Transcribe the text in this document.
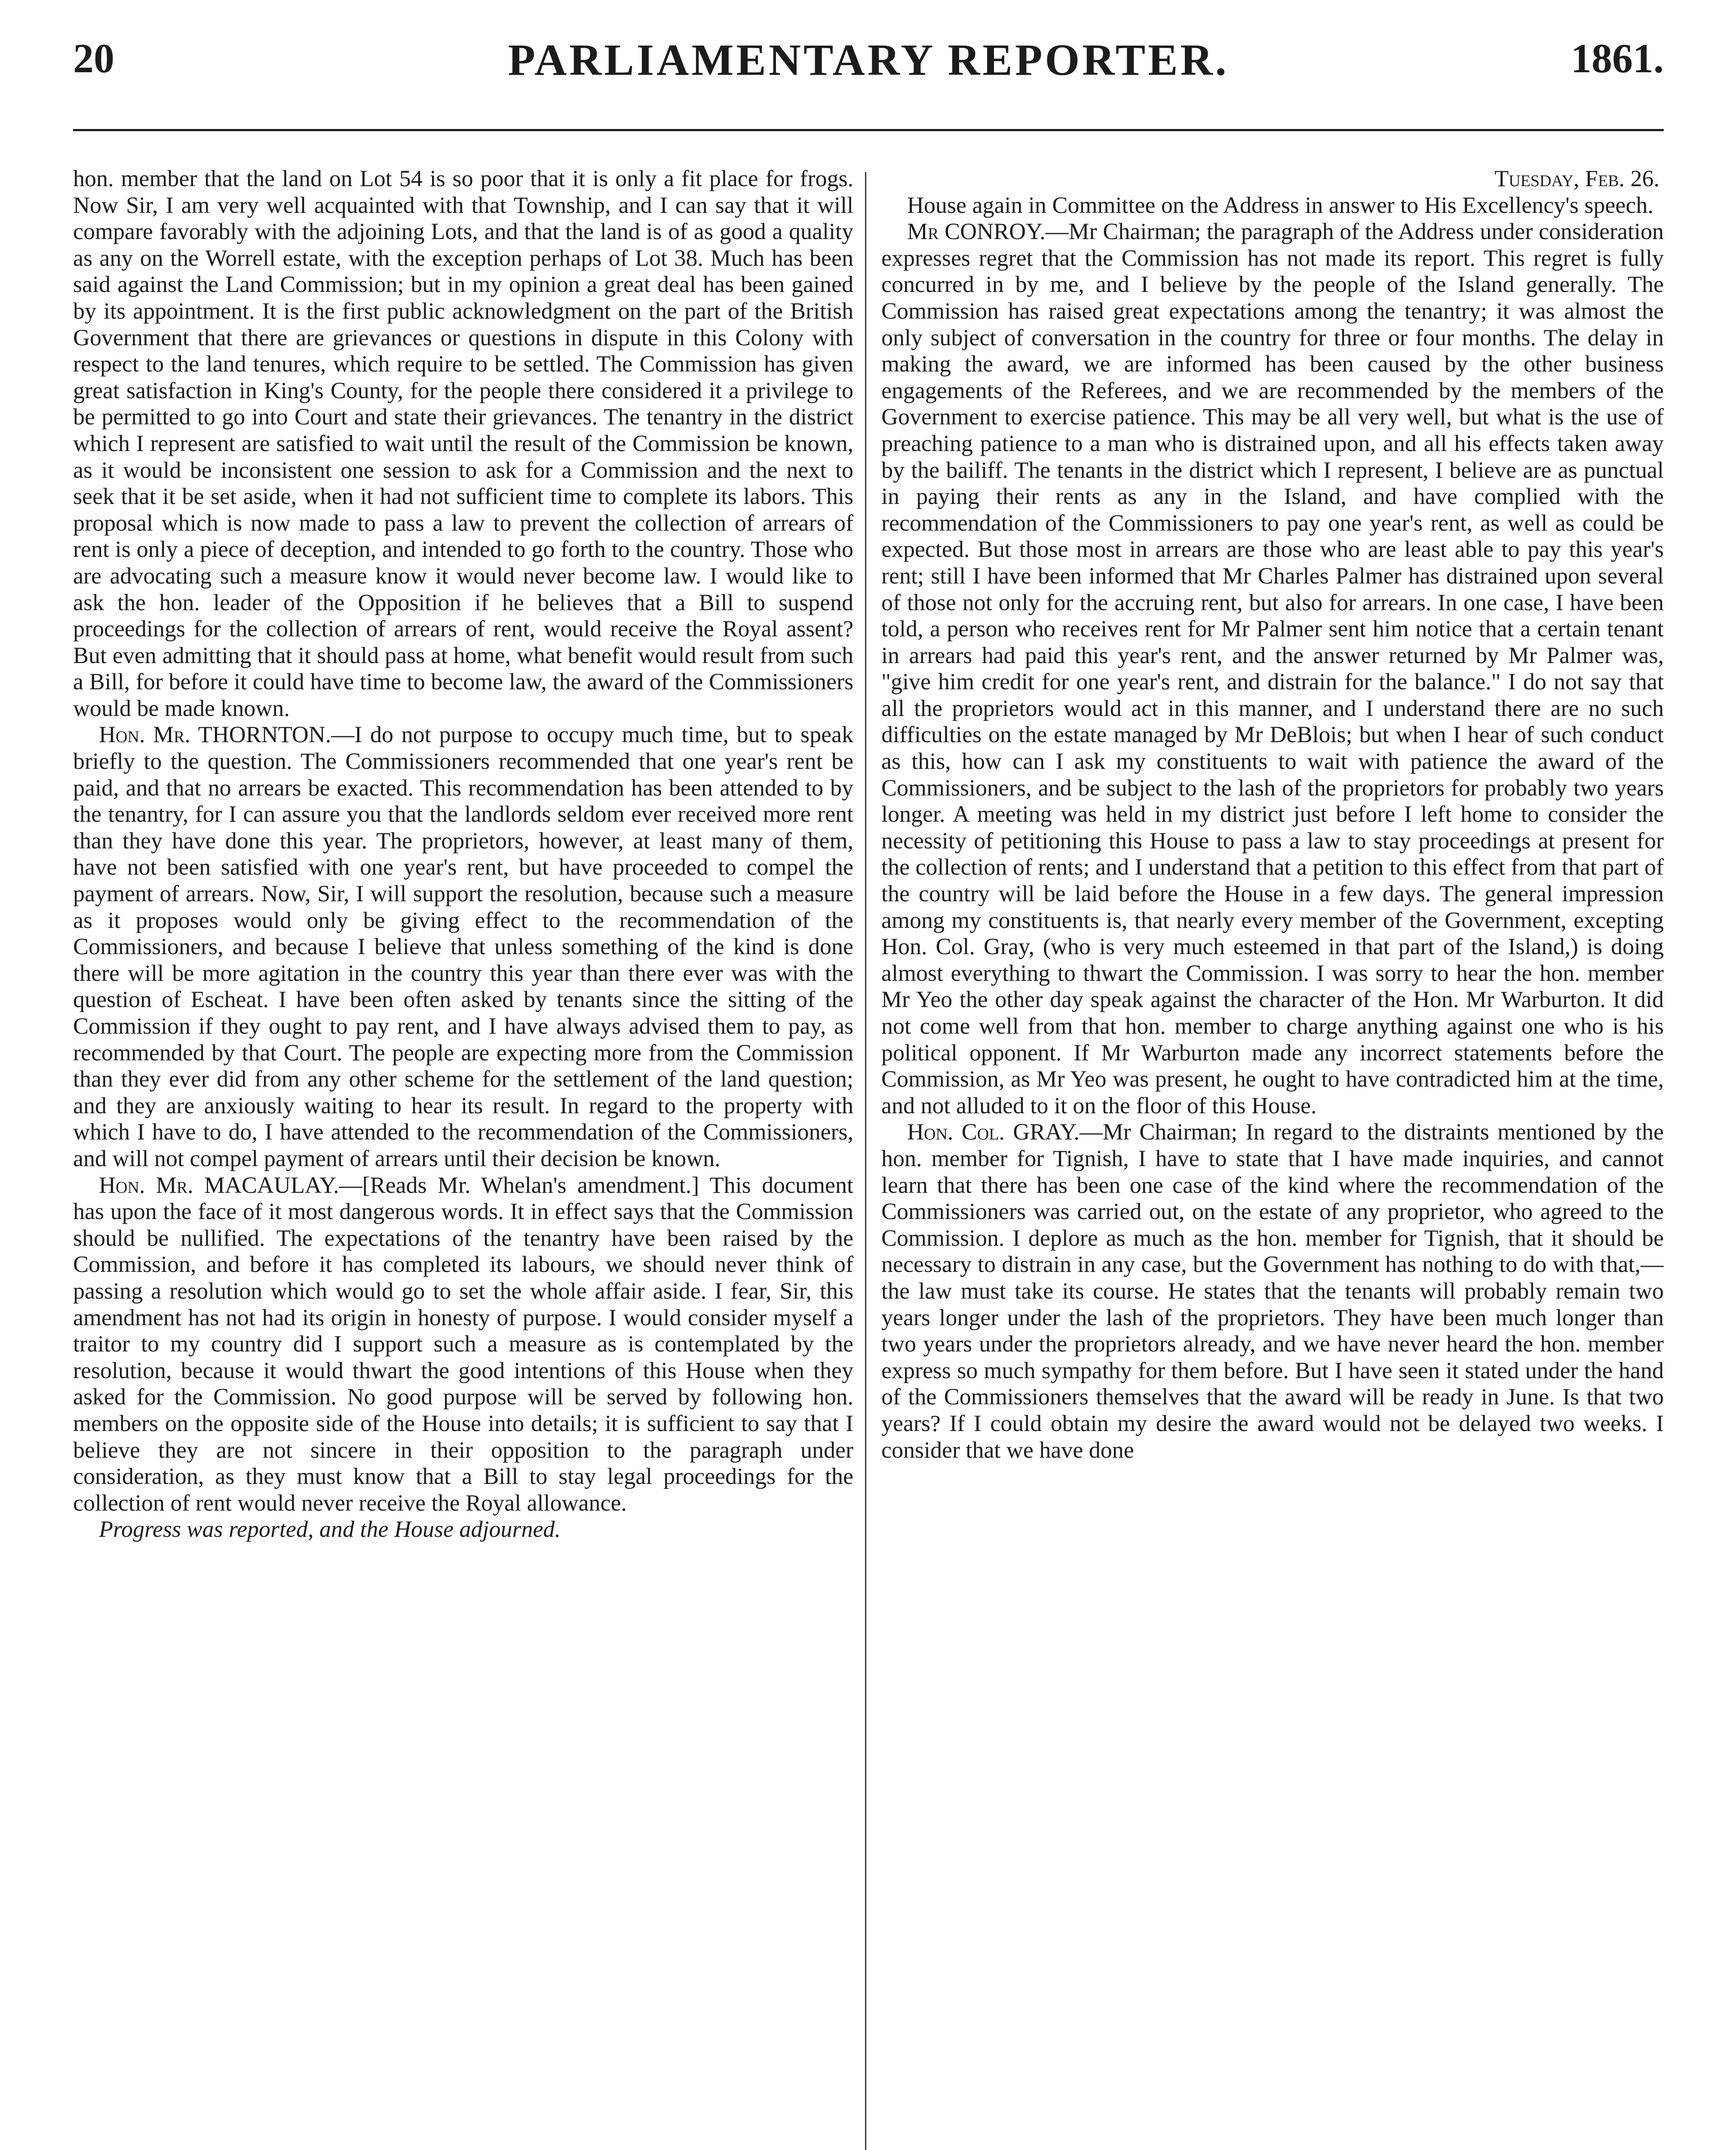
20	PARLIAMENTARY REPORTER.	1861.

hon. member that the land on Lot 54 is so poor that it is only a fit place for frogs. Now Sir, I am very well acquainted with that Township, and I can say that it will compare favorably with the adjoining Lots, and that the land is of as good a quality as any on the Worrell estate, with the exception perhaps of Lot 38. Much has been said against the Land Commission; but in my opinion a great deal has been gained by its appointment. It is the first public acknowledgment on the part of the British Government that there are grievances or questions in dispute in this Colony with respect to the land tenures, which require to be settled. The Commission has given great satisfaction in King's County, for the people there considered it a privilege to be permitted to go into Court and state their grievances. The tenantry in the district which I represent are satisfied to wait until the result of the Commission be known, as it would be inconsistent one session to ask for a Commission and the next to seek that it be set aside, when it had not sufficient time to complete its labors. This proposal which is now made to pass a law to prevent the collection of arrears of rent is only a piece of deception, and intended to go forth to the country. Those who are advocating such a measure know it would never become law. I would like to ask the hon. leader of the Opposition if he believes that a Bill to suspend proceedings for the collection of arrears of rent, would receive the Royal assent? But even admitting that it should pass at home, what benefit would result from such a Bill, for before it could have time to become law, the award of the Commissioners would be made known.

Hon. Mr. THORNTON.—I do not purpose to occupy much time, but to speak briefly to the question. The Commissioners recommended that one year's rent be paid, and that no arrears be exacted. This recommendation has been attended to by the tenantry, for I can assure you that the landlords seldom ever received more rent than they have done this year. The proprietors, however, at least many of them, have not been satisfied with one year's rent, but have proceeded to compel the payment of arrears. Now, Sir, I will support the resolution, because such a measure as it proposes would only be giving effect to the recommendation of the Commissioners, and because I believe that unless something of the kind is done there will be more agitation in the country this year than there ever was with the question of Escheat. I have been often asked by tenants since the sitting of the Commission if they ought to pay rent, and I have always advised them to pay, as recommended by that Court. The people are expecting more from the Commission than they ever did from any other scheme for the settlement of the land question; and they are anxiously waiting to hear its result. In regard to the property with which I have to do, I have attended to the recommendation of the Commissioners, and will not compel payment of arrears until their decision be known.

Hon. Mr. MACAULAY.—[Reads Mr. Whelan's amendment.] This document has upon the face of it most dangerous words. It in effect says that the Commission should be nullified. The expectations of the tenantry have been raised by the Commission, and before it has completed its labours, we should never think of passing a resolution which would go to set the whole affair aside. I fear, Sir, this amendment has not had its origin in honesty of purpose. I would consider myself a traitor to my country did I support such a measure as is contemplated by the resolution, because it would thwart the good intentions of this House when they asked for the Commission. No good purpose will be served by following hon. members on the opposite side of the House into details; it is sufficient to say that I believe they are not sincere in their opposition to the paragraph under consideration, as they must know that a Bill to stay legal proceedings for the collection of rent would never receive the Royal allowance.

Progress was reported, and the House adjourned.

Tuesday, Feb. 26.

House again in Committee on the Address in answer to His Excellency's speech.

Mr CONROY.—Mr Chairman; the paragraph of the Address under consideration expresses regret that the Commission has not made its report. This regret is fully concurred in by me, and I believe by the people of the Island generally. The Commission has raised great expectations among the tenantry; it was almost the only subject of conversation in the country for three or four months. The delay in making the award, we are informed has been caused by the other business engagements of the Referees, and we are recommended by the members of the Government to exercise patience. This may be all very well, but what is the use of preaching patience to a man who is distrained upon, and all his effects taken away by the bailiff. The tenants in the district which I represent, I believe are as punctual in paying their rents as any in the Island, and have complied with the recommendation of the Commissioners to pay one year's rent, as well as could be expected. But those most in arrears are those who are least able to pay this year's rent; still I have been informed that Mr Charles Palmer has distrained upon several of those not only for the accruing rent, but also for arrears. In one case, I have been told, a person who receives rent for Mr Palmer sent him notice that a certain tenant in arrears had paid this year's rent, and the answer returned by Mr Palmer was, "give him credit for one year's rent, and distrain for the balance." I do not say that all the proprietors would act in this manner, and I understand there are no such difficulties on the estate managed by Mr DeBlois; but when I hear of such conduct as this, how can I ask my constituents to wait with patience the award of the Commissioners, and be subject to the lash of the proprietors for probably two years longer. A meeting was held in my district just before I left home to consider the necessity of petitioning this House to pass a law to stay proceedings at present for the collection of rents; and I understand that a petition to this effect from that part of the country will be laid before the House in a few days. The general impression among my constituents is, that nearly every member of the Government, excepting Hon. Col. Gray, (who is very much esteemed in that part of the Island,) is doing almost everything to thwart the Commission. I was sorry to hear the hon. member Mr Yeo the other day speak against the character of the Hon. Mr Warburton. It did not come well from that hon. member to charge anything against one who is his political opponent. If Mr Warburton made any incorrect statements before the Commission, as Mr Yeo was present, he ought to have contradicted him at the time, and not alluded to it on the floor of this House.

Hon. Col. GRAY.—Mr Chairman; In regard to the distraints mentioned by the hon. member for Tignish, I have to state that I have made inquiries, and cannot learn that there has been one case of the kind where the recommendation of the Commissioners was carried out, on the estate of any proprietor, who agreed to the Commission. I deplore as much as the hon. member for Tignish, that it should be necessary to distrain in any case, but the Government has nothing to do with that,—the law must take its course. He states that the tenants will probably remain two years longer under the lash of the proprietors. They have been much longer than two years under the proprietors already, and we have never heard the hon. member express so much sympathy for them before. But I have seen it stated under the hand of the Commissioners themselves that the award will be ready in June. Is that two years? If I could obtain my desire the award would not be delayed two weeks. I consider that we have done
